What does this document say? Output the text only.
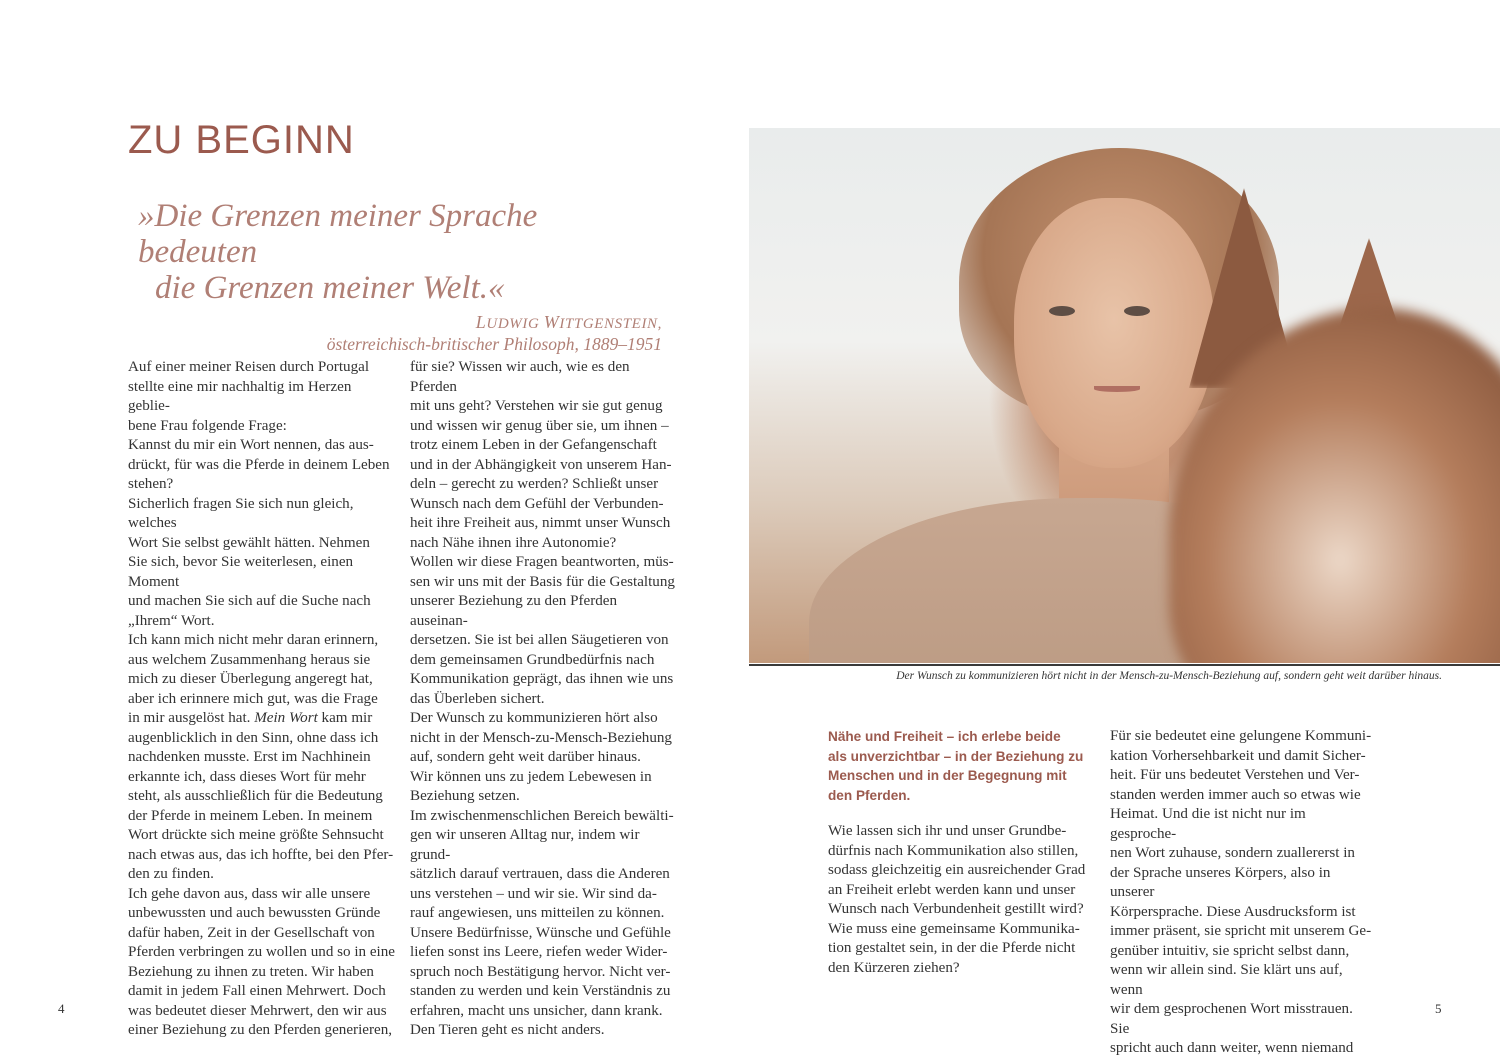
ZU BEGINN

»Die Grenzen meiner Sprache bedeuten

die Grenzen meiner Welt.«

LUDWIG WITTGENSTEIN,
österreichisch-britischer Philosoph, 1889–1951

Auf einer meiner Reisen durch Portugal
stellte eine mir nachhaltig im Herzen geblie-
bene Frau folgende Frage:
Kannst du mir ein Wort nennen, das aus-
drückt, für was die Pferde in deinem Leben
stehen?
Sicherlich fragen Sie sich nun gleich, welches
Wort Sie selbst gewählt hätten. Nehmen
Sie sich, bevor Sie weiterlesen, einen Moment
und machen Sie sich auf die Suche nach
„Ihrem“ Wort.
Ich kann mich nicht mehr daran erinnern,
aus welchem Zusammenhang heraus sie
mich zu dieser Überlegung angeregt hat,
aber ich erinnere mich gut, was die Frage
in mir ausgelöst hat. Mein Wort kam mir
augenblicklich in den Sinn, ohne dass ich
nachdenken musste. Erst im Nachhinein
erkannte ich, dass dieses Wort für mehr
steht, als ausschließlich für die Bedeutung
der Pferde in meinem Leben. In meinem
Wort drückte sich meine größte Sehnsucht
nach etwas aus, das ich hoffte, bei den Pfer-
den zu finden.
Ich gehe davon aus, dass wir alle unsere
unbewussten und auch bewussten Gründe
dafür haben, Zeit in der Gesellschaft von
Pferden verbringen zu wollen und so in eine
Beziehung zu ihnen zu treten. Wir haben
damit in jedem Fall einen Mehrwert. Doch
was bedeutet dieser Mehrwert, den wir aus
einer Beziehung zu den Pferden generieren,

für sie? Wissen wir auch, wie es den Pferden
mit uns geht? Verstehen wir sie gut genug
und wissen wir genug über sie, um ihnen –
trotz einem Leben in der Gefangenschaft
und in der Abhängigkeit von unserem Han-
deln – gerecht zu werden? Schließt unser
Wunsch nach dem Gefühl der Verbunden-
heit ihre Freiheit aus, nimmt unser Wunsch
nach Nähe ihnen ihre Autonomie?
Wollen wir diese Fragen beantworten, müs-
sen wir uns mit der Basis für die Gestaltung
unserer Beziehung zu den Pferden auseinan-
dersetzen. Sie ist bei allen Säugetieren von
dem gemeinsamen Grundbedürfnis nach
Kommunikation geprägt, das ihnen wie uns
das Überleben sichert.
Der Wunsch zu kommunizieren hört also
nicht in der Mensch-zu-Mensch-Beziehung
auf, sondern geht weit darüber hinaus.
Wir können uns zu jedem Lebewesen in
Beziehung setzen.
Im zwischenmenschlichen Bereich bewälti-
gen wir unseren Alltag nur, indem wir grund-
sätzlich darauf vertrauen, dass die Anderen
uns verstehen – und wir sie. Wir sind da-
rauf angewiesen, uns mitteilen zu können.
Unsere Bedürfnisse, Wünsche und Gefühle
liefen sonst ins Leere, riefen weder Wider-
spruch noch Bestätigung hervor. Nicht ver-
standen zu werden und kein Verständnis zu
erfahren, macht uns unsicher, dann krank.
Den Tieren geht es nicht anders.

Der Wunsch zu kommunizieren hört nicht in der Mensch-zu-Mensch-Beziehung auf, sondern geht weit darüber hinaus.
Nähe und Freiheit – ich erlebe beide
als unverzichtbar – in der Beziehung zu
Menschen und in der Begegnung mit
den Pferden.

Wie lassen sich ihr und unser Grundbe-
dürfnis nach Kommunikation also stillen,
sodass gleichzeitig ein ausreichender Grad
an Freiheit erlebt werden kann und unser
Wunsch nach Verbundenheit gestillt wird?
Wie muss eine gemeinsame Kommunika-
tion gestaltet sein, in der die Pferde nicht
den Kürzeren ziehen?

Für sie bedeutet eine gelungene Kommuni-
kation Vorhersehbarkeit und damit Sicher-
heit. Für uns bedeutet Verstehen und Ver-
standen werden immer auch so etwas wie
Heimat. Und die ist nicht nur im gesproche-
nen Wort zuhause, sondern zuallererst in
der Sprache unseres Körpers, also in unserer
Körpersprache. Diese Ausdrucksform ist
immer präsent, sie spricht mit unserem Ge-
genüber intuitiv, sie spricht selbst dann,
wenn wir allein sind. Sie klärt uns auf, wenn
wir dem gesprochenen Wort misstrauen. Sie
spricht auch dann weiter, wenn niemand

4	5
